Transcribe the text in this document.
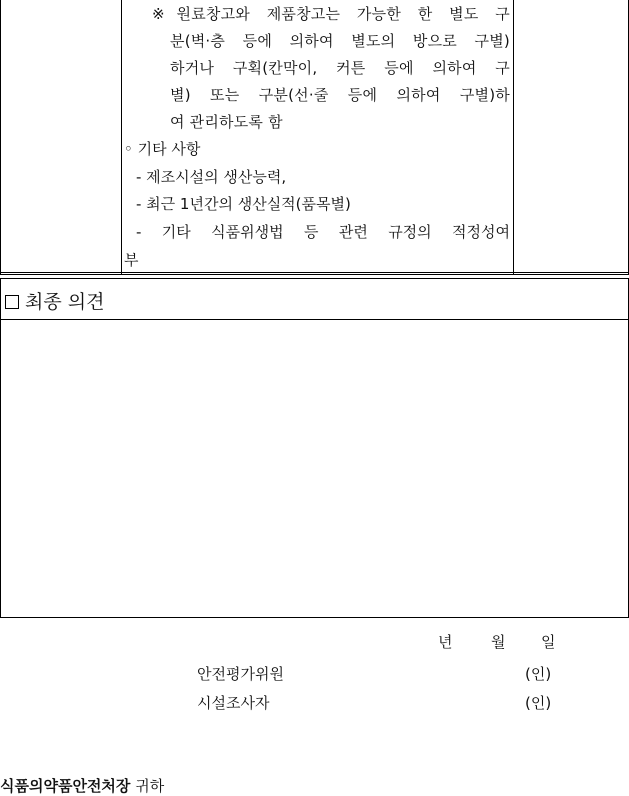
※원료창고와 제품창고는 가능한 한 별도 구
분(벽·층 등에 의하여 별도의 방으로 구별)
하거나 구획(칸막이, 커튼 등에 의하여 구
별) 또는 구분(선·줄 등에 의하여 구별)하
여 관리하도록 함
◦ 기타 사항
- 제조시설의 생산능력,
- 최근 1년간의 생산실적(품목별)
- 기타 식품위생법 등 관련 규정의 적정성여
부
최종 의견
년	월 일
안전평가위원	(인)
시설조사자	(인)
식품의약품안전처장 귀하
